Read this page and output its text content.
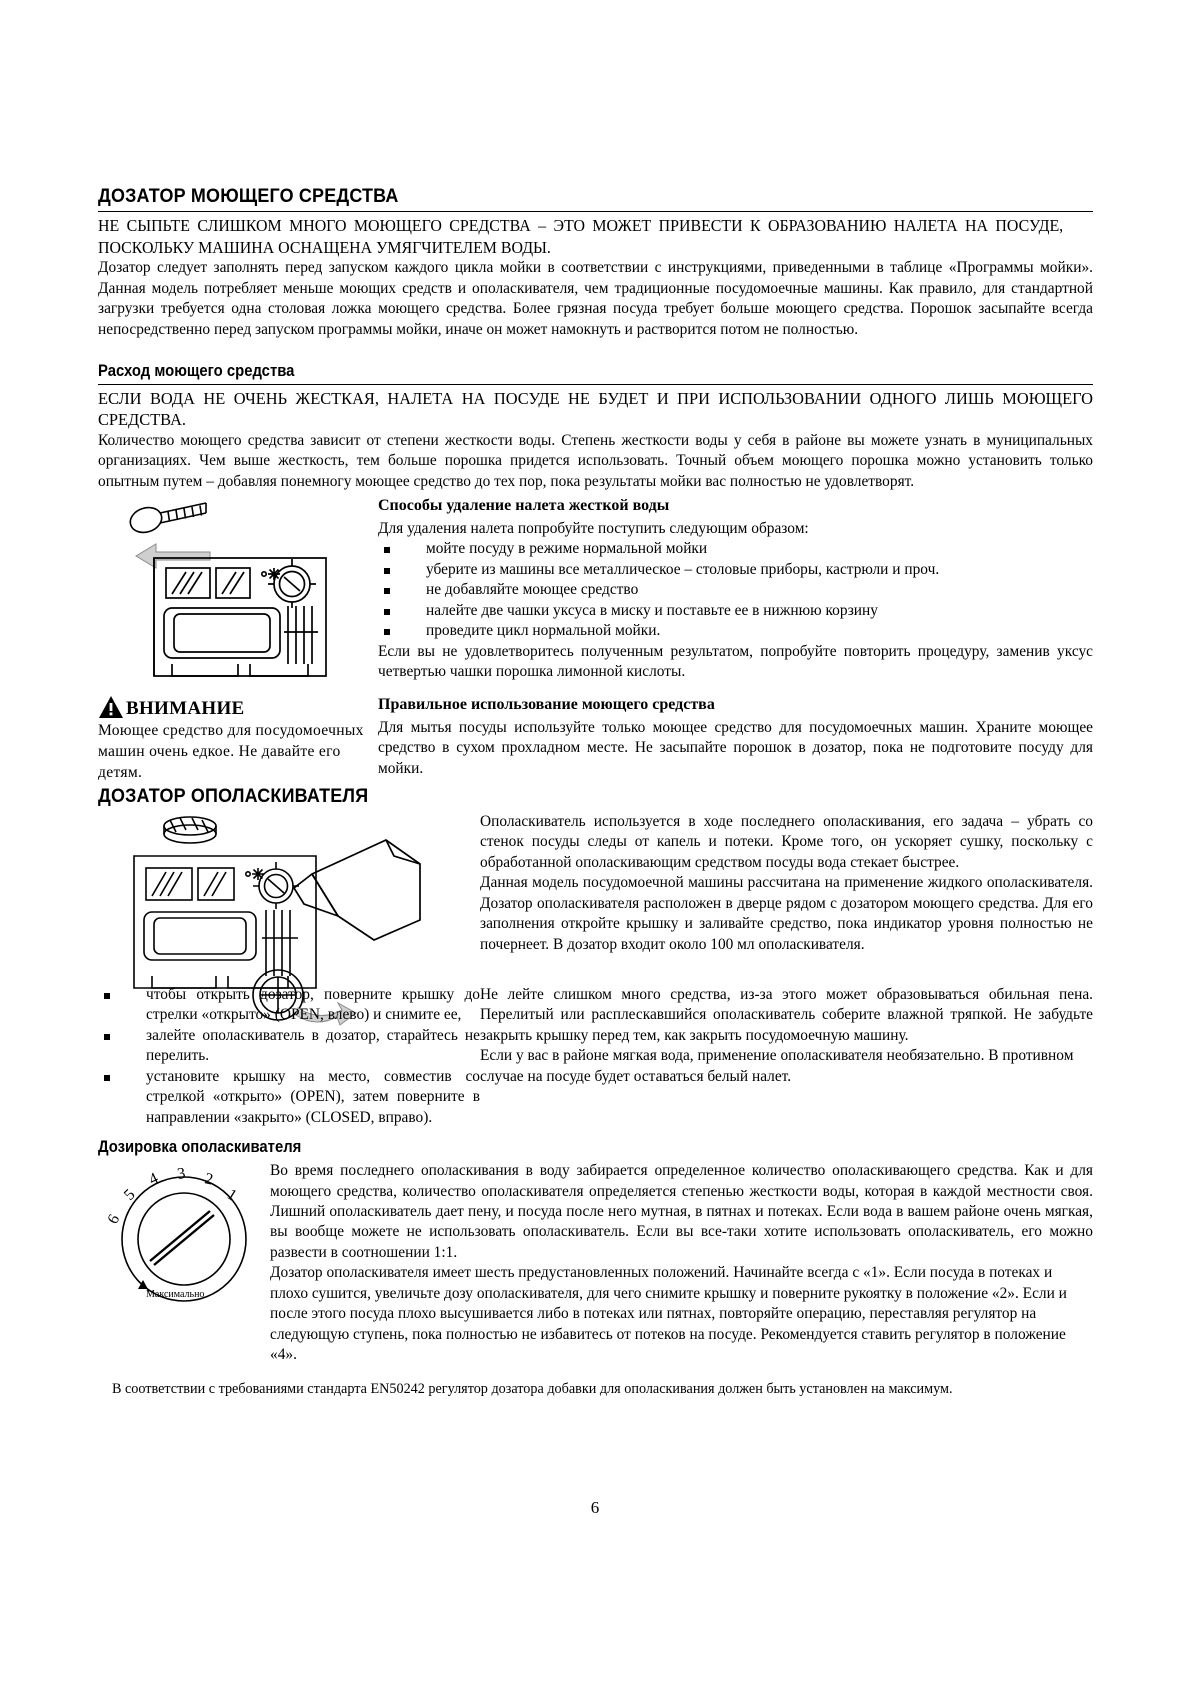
ДОЗАТОР МОЮЩЕГО СРЕДСТВА

НЕ СЫПЬТЕ СЛИШКОМ МНОГО МОЮЩЕГО СРЕДСТВА – ЭТО МОЖЕТ ПРИВЕСТИ К ОБРАЗОВАНИЮ НАЛЕТА НА ПОСУДЕ, ПОСКОЛЬКУ МАШИНА ОСНАЩЕНА УМЯГЧИТЕЛЕМ ВОДЫ.

Дозатор следует заполнять перед запуском каждого цикла мойки в соответствии с инструкциями, приведенными в таблице «Программы мойки». Данная модель потребляет меньше моющих средств и ополаскивателя, чем традиционные посудомоечные машины. Как правило, для стандартной загрузки требуется одна столовая ложка моющего средства. Более грязная посуда требует больше моющего средства. Порошок засыпайте всегда непосредственно перед запуском программы мойки, иначе он может намокнуть и растворится потом не полностью.

Расход моющего средства

ЕСЛИ ВОДА НЕ ОЧЕНЬ ЖЕСТКАЯ, НАЛЕТА НА ПОСУДЕ НЕ БУДЕТ И ПРИ ИСПОЛЬЗОВАНИИ ОДНОГО ЛИШЬ МОЮЩЕГО СРЕДСТВА.

Количество моющего средства зависит от степени жесткости воды. Степень жесткости воды у себя в районе вы можете узнать в муниципальных организациях. Чем выше жесткость, тем больше порошка придется использовать. Точный объем моющего порошка можно установить только опытным путем – добавляя понемногу моющее средство до тех пор, пока результаты мойки вас полностью не удовлетворят.

ВНИМАНИЕ

Моющее средство для посудомоечных машин очень едкое. Не давайте его детям.

Способы удаление налета жесткой воды

Для удаления налета попробуйте поступить следующим образом:

мойте посуду в режиме нормальной мойки
уберите из машины все металлическое – столовые приборы, кастрюли и проч.
не добавляйте моющее средство
налейте две чашки уксуса в миску и поставьте ее в нижнюю корзину
проведите цикл нормальной мойки.

Если вы не удовлетворитесь полученным результатом, попробуйте повторить процедуру, заменив уксус четвертью чашки порошка лимонной кислоты.

Правильное использование моющего средства

Для мытья посуды используйте только моющее средство для посудомоечных машин. Храните моющее средство в сухом прохладном месте. Не засыпайте порошок в дозатор, пока не подготовите посуду для мойки.

ДОЗАТОР ОПОЛАСКИВАТЕЛЯ

Ополаскиватель используется в ходе последнего ополаскивания, его задача – убрать со стенок посуды следы от капель и потеки. Кроме того, он ускоряет сушку, поскольку с обработанной ополаскивающим средством посуды вода стекает быстрее.

Данная модель посудомоечной машины рассчитана на применение жидкого ополаскивателя. Дозатор ополаскивателя расположен в дверце рядом с дозатором моющего средства. Для его заполнения откройте крышку и заливайте средство, пока индикатор уровня полностью не почернеет. В дозатор входит около 100 мл ополаскивателя.

чтобы открыть дозатор, поверните крышку до стрелки «открыто» (OPEN, влево) и снимите ее,
залейте ополаскиватель в дозатор, старайтесь не перелить.
установите крышку на место, совместив со стрелкой «открыто» (OPEN), затем поверните в направлении «закрыто» (CLOSED, вправо).

Не лейте слишком много средства, из-за этого может образовываться обильная пена. Перелитый или расплескавшийся ополаскиватель соберите влажной тряпкой. Не забудьте закрыть крышку перед тем, как закрыть посудомоечную машину.

Если у вас в районе мягкая вода, применение ополаскивателя необязательно. В противном случае на посуде будет оставаться белый налет.

Дозировка ополаскивателя
6
5
4 3 2
1
Максимально

Во время последнего ополаскивания в воду забирается определенное количество ополаскивающего средства. Как и для моющего средства, количество ополаскивателя определяется степенью жесткости воды, которая в каждой местности своя. Лишний ополаскиватель дает пену, и посуда после него мутная, в пятнах и потеках. Если вода в вашем районе очень мягкая, вы вообще можете не использовать ополаскиватель. Если вы все-таки хотите использовать ополаскиватель, его можно развести в соотношении 1:1.

Дозатор ополаскивателя имеет шесть предустановленных положений. Начинайте всегда с «1». Если посуда в потеках и плохо сушится, увеличьте дозу ополаскивателя, для чего снимите крышку и поверните рукоятку в положение «2». Если и после этого посуда плохо высушивается либо в потеках или пятнах, повторяйте операцию, переставляя регулятор на следующую ступень, пока полностью не избавитесь от потеков на посуде. Рекомендуется ставить регулятор в положение «4».

В соответствии с требованиями стандарта EN50242 регулятор дозатора добавки для ополаскивания должен быть установлен на максимум.

6
